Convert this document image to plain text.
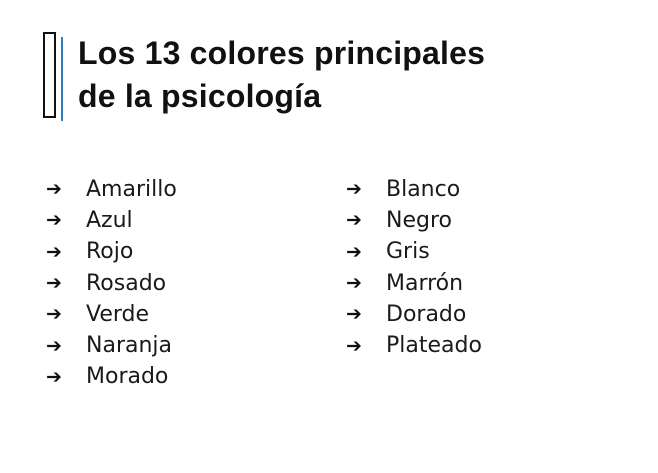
Los 13 colores principales
de la psicología
➔	Amarillo
➔	Azul
➔	Rojo
➔	Rosado
➔	Verde
➔	Naranja
➔	Morado
➔	Blanco
➔	Negro
➔	Gris
➔	Marrón
➔	Dorado
➔	Plateado
